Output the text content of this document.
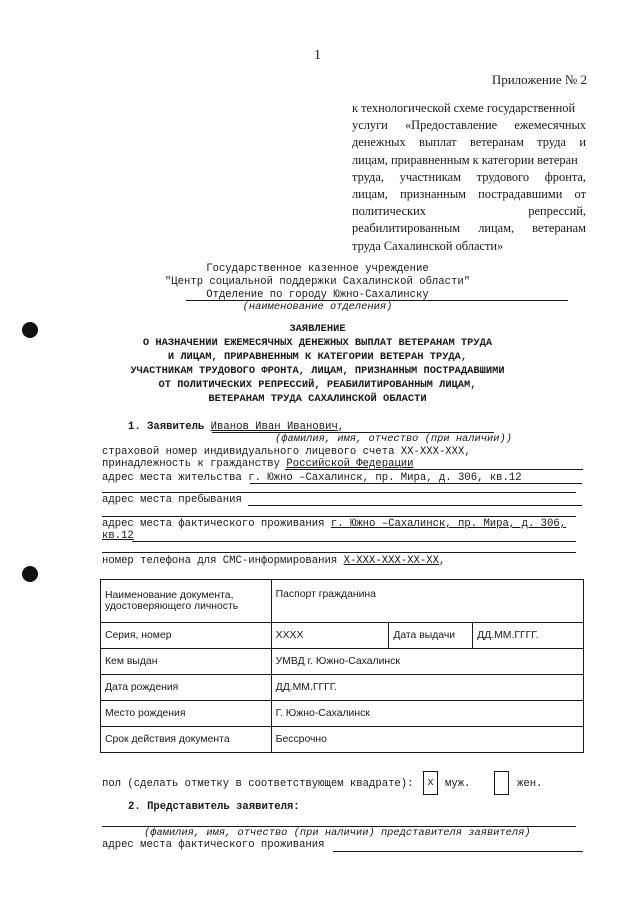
1
Приложение № 2
к технологической схеме государственной
услуги «Предоставление ежемесячных
денежных выплат ветеранам труда и
лицам, приравненным к категории ветеран
труда, участникам трудового фронта,
лицам, признанным пострадавшими от
политических репрессий,
реабилитированным лицам, ветеранам
труда Сахалинской области»
Государственное казенное учреждение
"Центр социальной поддержки Сахалинской области"
Отделение по городу Южно-Сахалинску
(наименование отделения)
ЗАЯВЛЕНИЕ
О НАЗНАЧЕНИИ ЕЖЕМЕСЯЧНЫХ ДЕНЕЖНЫХ ВЫПЛАТ ВЕТЕРАНАМ ТРУДА
И ЛИЦАМ, ПРИРАВНЕННЫМ К КАТЕГОРИИ ВЕТЕРАН ТРУДА,
УЧАСТНИКАМ ТРУДОВОГО ФРОНТА, ЛИЦАМ, ПРИЗНАННЫМ ПОСТРАДАВШИМИ
ОТ ПОЛИТИЧЕСКИХ РЕПРЕССИЙ, РЕАБИЛИТИРОВАННЫМ ЛИЦАМ,
ВЕТЕРАНАМ ТРУДА САХАЛИНСКОЙ ОБЛАСТИ
1. Заявитель Иванов Иван Иванович,
(фамилия, имя, отчество (при наличии))
страховой номер индивидуального лицевого счета ХХ-ХХХ-ХХХ,
принадлежность к гражданству Российской Федерации
адрес места жительства г. Южно –Сахалинск, пр. Мира, д. 306, кв.12
адрес места пребывания
адрес места фактического проживания г. Южно –Сахалинск, пр. Мира, д. 306,
кв.12
номер телефона для СМС-информирования Х-ХХХ-ХХХ-ХХ-ХХ,
Наименование документа, удостоверяющего личность	Паспорт гражданина		
Серия, номер	ХХХХ	Дата выдачи	ДД.ММ.ГГГГ.
Кем выдан	УМВД г. Южно-Сахалинск		
Дата рождения	ДД.ММ.ГГГГ.		
Место рождения	Г. Южно-Сахалинск		
Срок действия документа	Бессрочно		
пол (сделать отметку в соответствующем квадрате):	х	муж.	жен.
2. Представитель заявителя:
(фамилия, имя, отчество (при наличии) представителя заявителя)
адрес места фактического проживания
